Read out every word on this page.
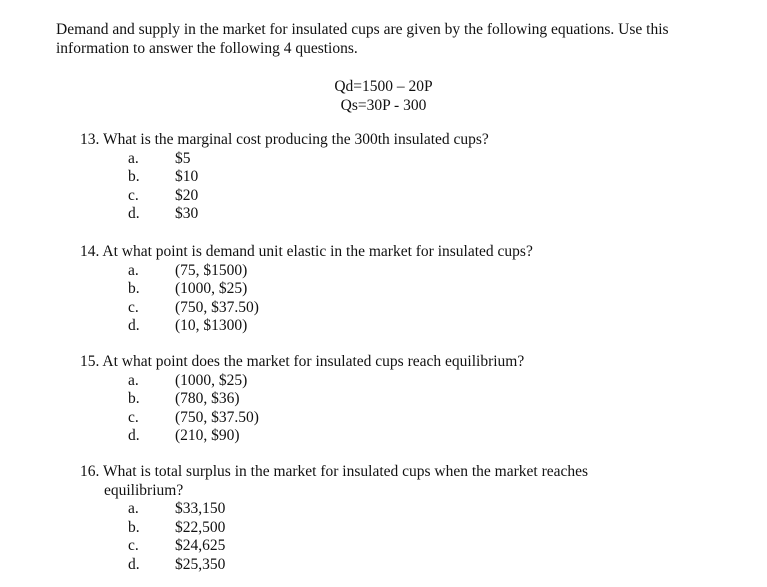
Demand and supply in the market for insulated cups are given by the following equations. Use this information to answer the following 4 questions.

Qd=1500 – 20P
Qs=30P - 300
13. What is the marginal cost producing the 300th insulated cups?
a. $5
b. $10
c. $20
d. $30
14. At what point is demand unit elastic in the market for insulated cups?
a. (75, $1500)
b. (1000, $25)
c. (750, $37.50)
d. (10, $1300)
15. At what point does the market for insulated cups reach equilibrium?
a. (1000, $25)
b. (780, $36)
c. (750, $37.50)
d. (210, $90)
16. What is total surplus in the market for insulated cups when the market reaches equilibrium?
a. $33,150
b. $22,500
c. $24,625
d. $25,350
